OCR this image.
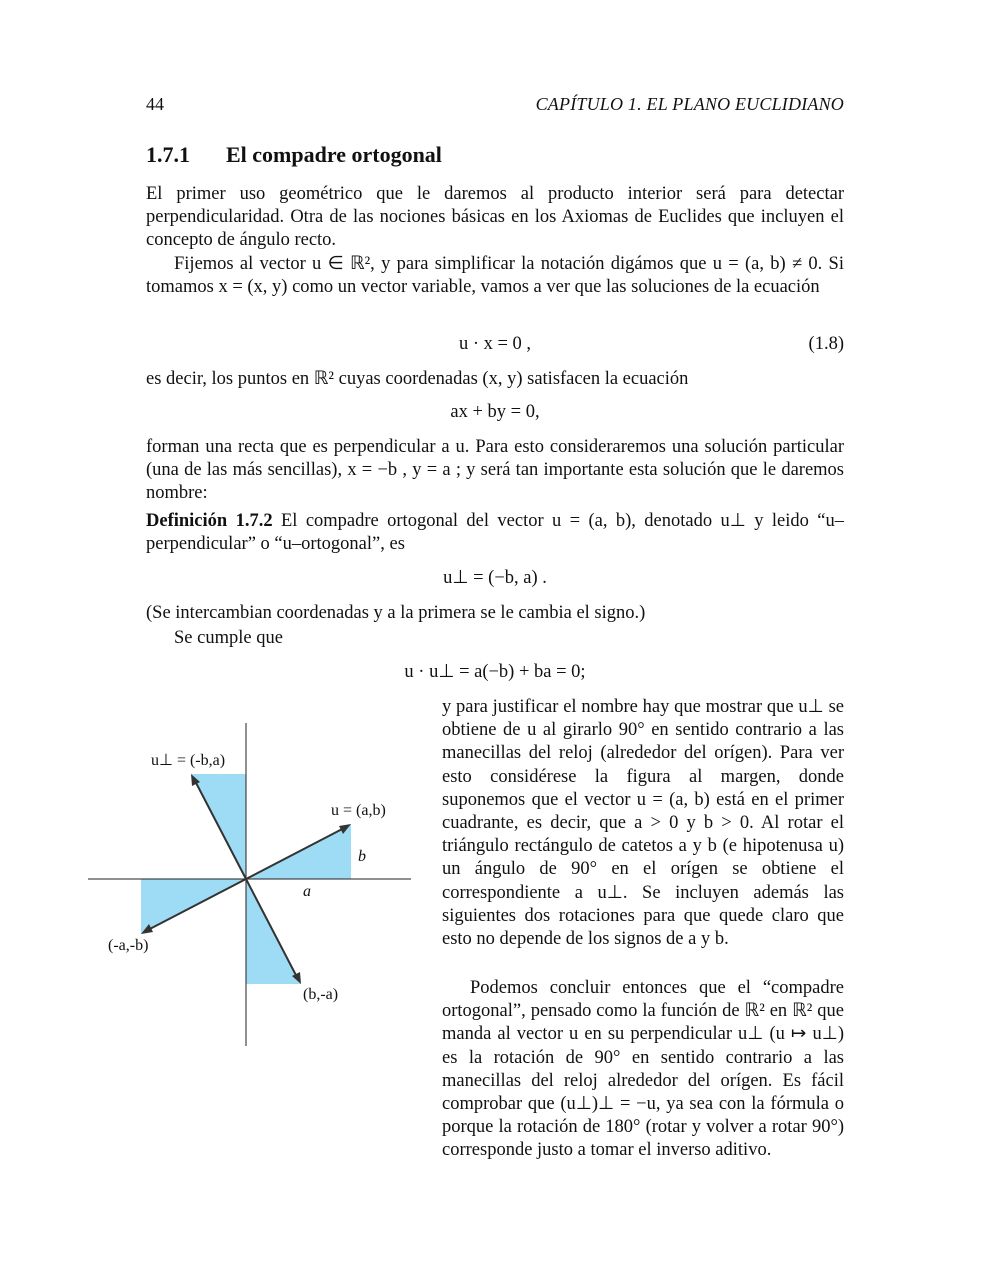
44	CAPÍTULO 1. EL PLANO EUCLIDIANO
1.7.1 El compadre ortogonal
El primer uso geométrico que le daremos al producto interior será para detectar perpendicularidad. Otra de las nociones básicas en los Axiomas de Euclides que incluyen el concepto de ángulo recto.
Fijemos al vector u ∈ ℝ², y para simplificar la notación digámos que u = (a, b) ≠ 0. Si tomamos x = (x, y) como un vector variable, vamos a ver que las soluciones de la ecuación
u · x = 0 ,	(1.8)
es decir, los puntos en ℝ² cuyas coordenadas (x, y) satisfacen la ecuación
ax + by = 0,
forman una recta que es perpendicular a u. Para esto consideraremos una solución particular (una de las más sencillas), x = −b , y = a ; y será tan importante esta solución que le daremos nombre:
Definición 1.7.2 El compadre ortogonal del vector u = (a, b), denotado u⊥ y leido “u–perpendicular” o “u–ortogonal”, es
u⊥ = (−b, a) .
(Se intercambian coordenadas y a la primera se le cambia el signo.)
Se cumple que
u · u⊥ = a(−b) + ba = 0;
y para justificar el nombre hay que mostrar que u⊥ se obtiene de u al girarlo 90° en sentido contrario a las manecillas del reloj (alrededor del orígen). Para ver esto considérese la figura al margen, donde suponemos que el vector u = (a, b) está en el primer cuadrante, es decir, que a > 0 y b > 0. Al rotar el triángulo rectángulo de catetos a y b (e hipotenusa u) un ángulo de 90° en el orígen se obtiene el correspondiente a u⊥. Se incluyen además las siguientes dos rotaciones para que quede claro que esto no depende de los signos de a y b.
Podemos concluir entonces que el “compadre ortogonal”, pensado como la función de ℝ² en ℝ² que manda al vector u en su perpendicular u⊥ (u ↦ u⊥) es la rotación de 90° en sentido contrario a las manecillas del reloj alrededor del orígen. Es fácil comprobar que (u⊥)⊥ = −u, ya sea con la fórmula o porque la rotación de 180° (rotar y volver a rotar 90°) corresponde justo a tomar el inverso aditivo.
u⊥ = (-b,a)
u = (a,b)
b
a
(-a,-b)
(b,-a)
